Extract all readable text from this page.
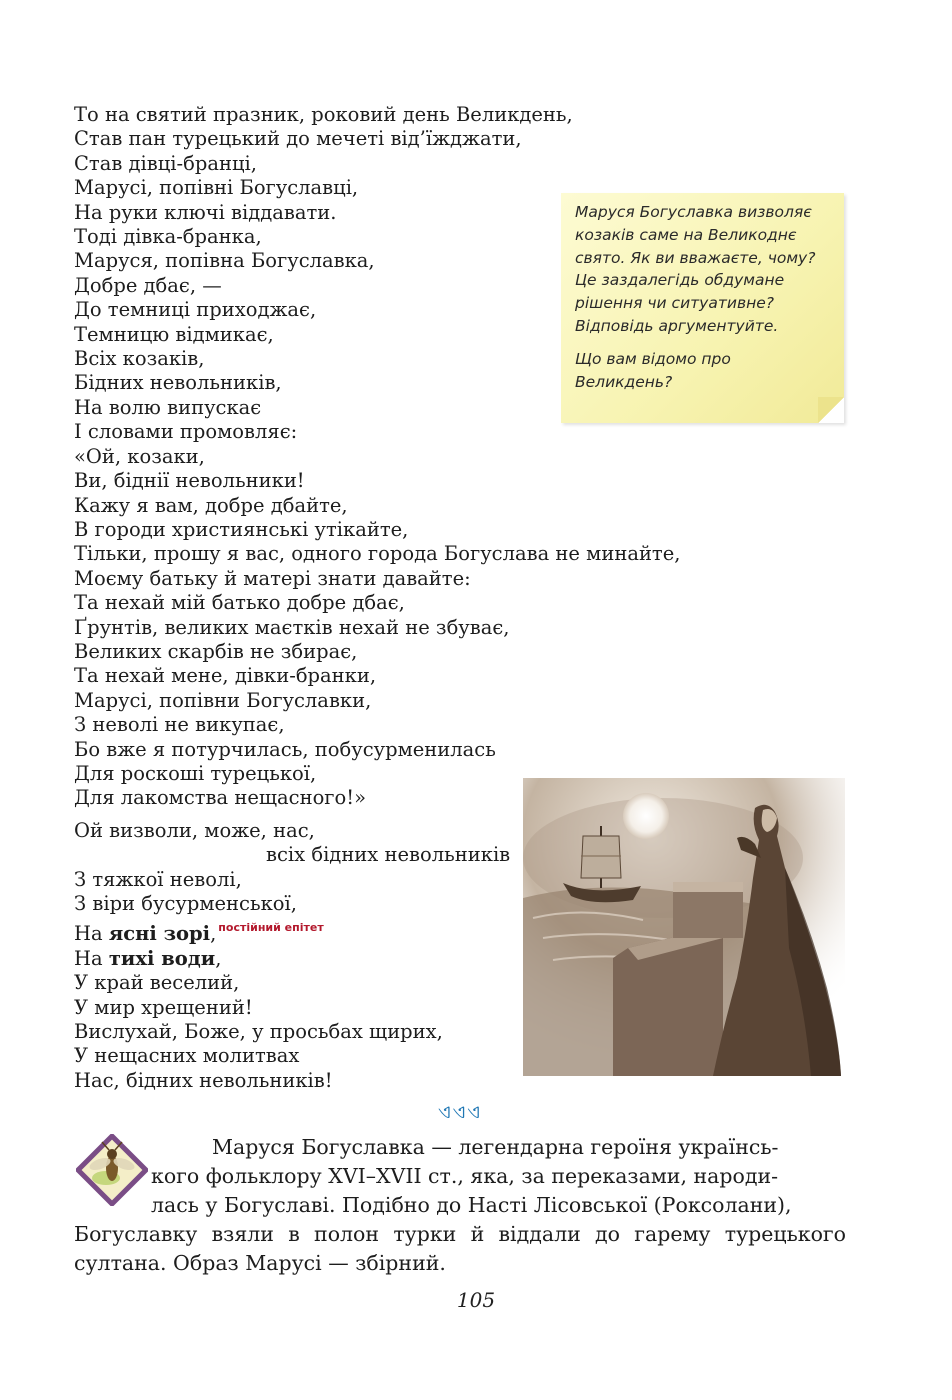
То на святий празник, роковий день Великдень,
Став пан турецький до мечеті від’їжджати,
Став дівці-бранці,
Марусі, попівні Богуславці,
На руки ключі віддавати.
Тоді дівка-бранка,
Маруся, попівна Богуславка,
Добре дбає, —
До темниці приходжає,
Темницю відмикає,
Всіх козаків,
Бідних невольників,
На волю випускає
І словами промовляє:
«Ой, козаки,
Ви, біднії невольники!
Кажу я вам, добре дбайте,
В городи християнські утікайте,
Тільки, прошу я вас, одного города Богуслава не минайте,
Моєму батьку й матері знати давайте:
Та нехай мій батько добре дбає,
Ґрунтів, великих маєтків нехай не збуває,
Великих скарбів не збирає,
Та нехай мене, дівки-бранки,
Марусі, попівни Богуславки,
З неволі не викупає,
Бо вже я потурчилась, побусурменилась
Для роскоші турецької,
Для лакомства нещасного!»
Ой визволи, може, нас,
всіх бідних невольників
З тяжкої неволі,
З віри бусурменської,
На ясні зорі, $^{постійний епітет}$
На тихі води,
У край веселий,
У мир хрещений!
Вислухай, Боже, у просьбах щирих,
У нещасних молитвах
Нас, бідних невольників!
Маруся Богуславка визволяє козаків саме на Великоднє свято. Як ви вважаєте, чому? Це заздалегідь обдумане рішення чи ситуативне? Відповідь аргументуйте.
Що вам відомо про Великдень?
ଏଏଏ
Маруся Богуславка — легендарна героїня українсь-
кого фольклору XVI–XVII ст., яка, за переказами, народи-
лась у Богуславі. Подібно до Насті Лісовської (Роксолани),
Богуславку взяли в полон турки й віддали до гарему турецького султана. Образ Марусі — збірний.
105
